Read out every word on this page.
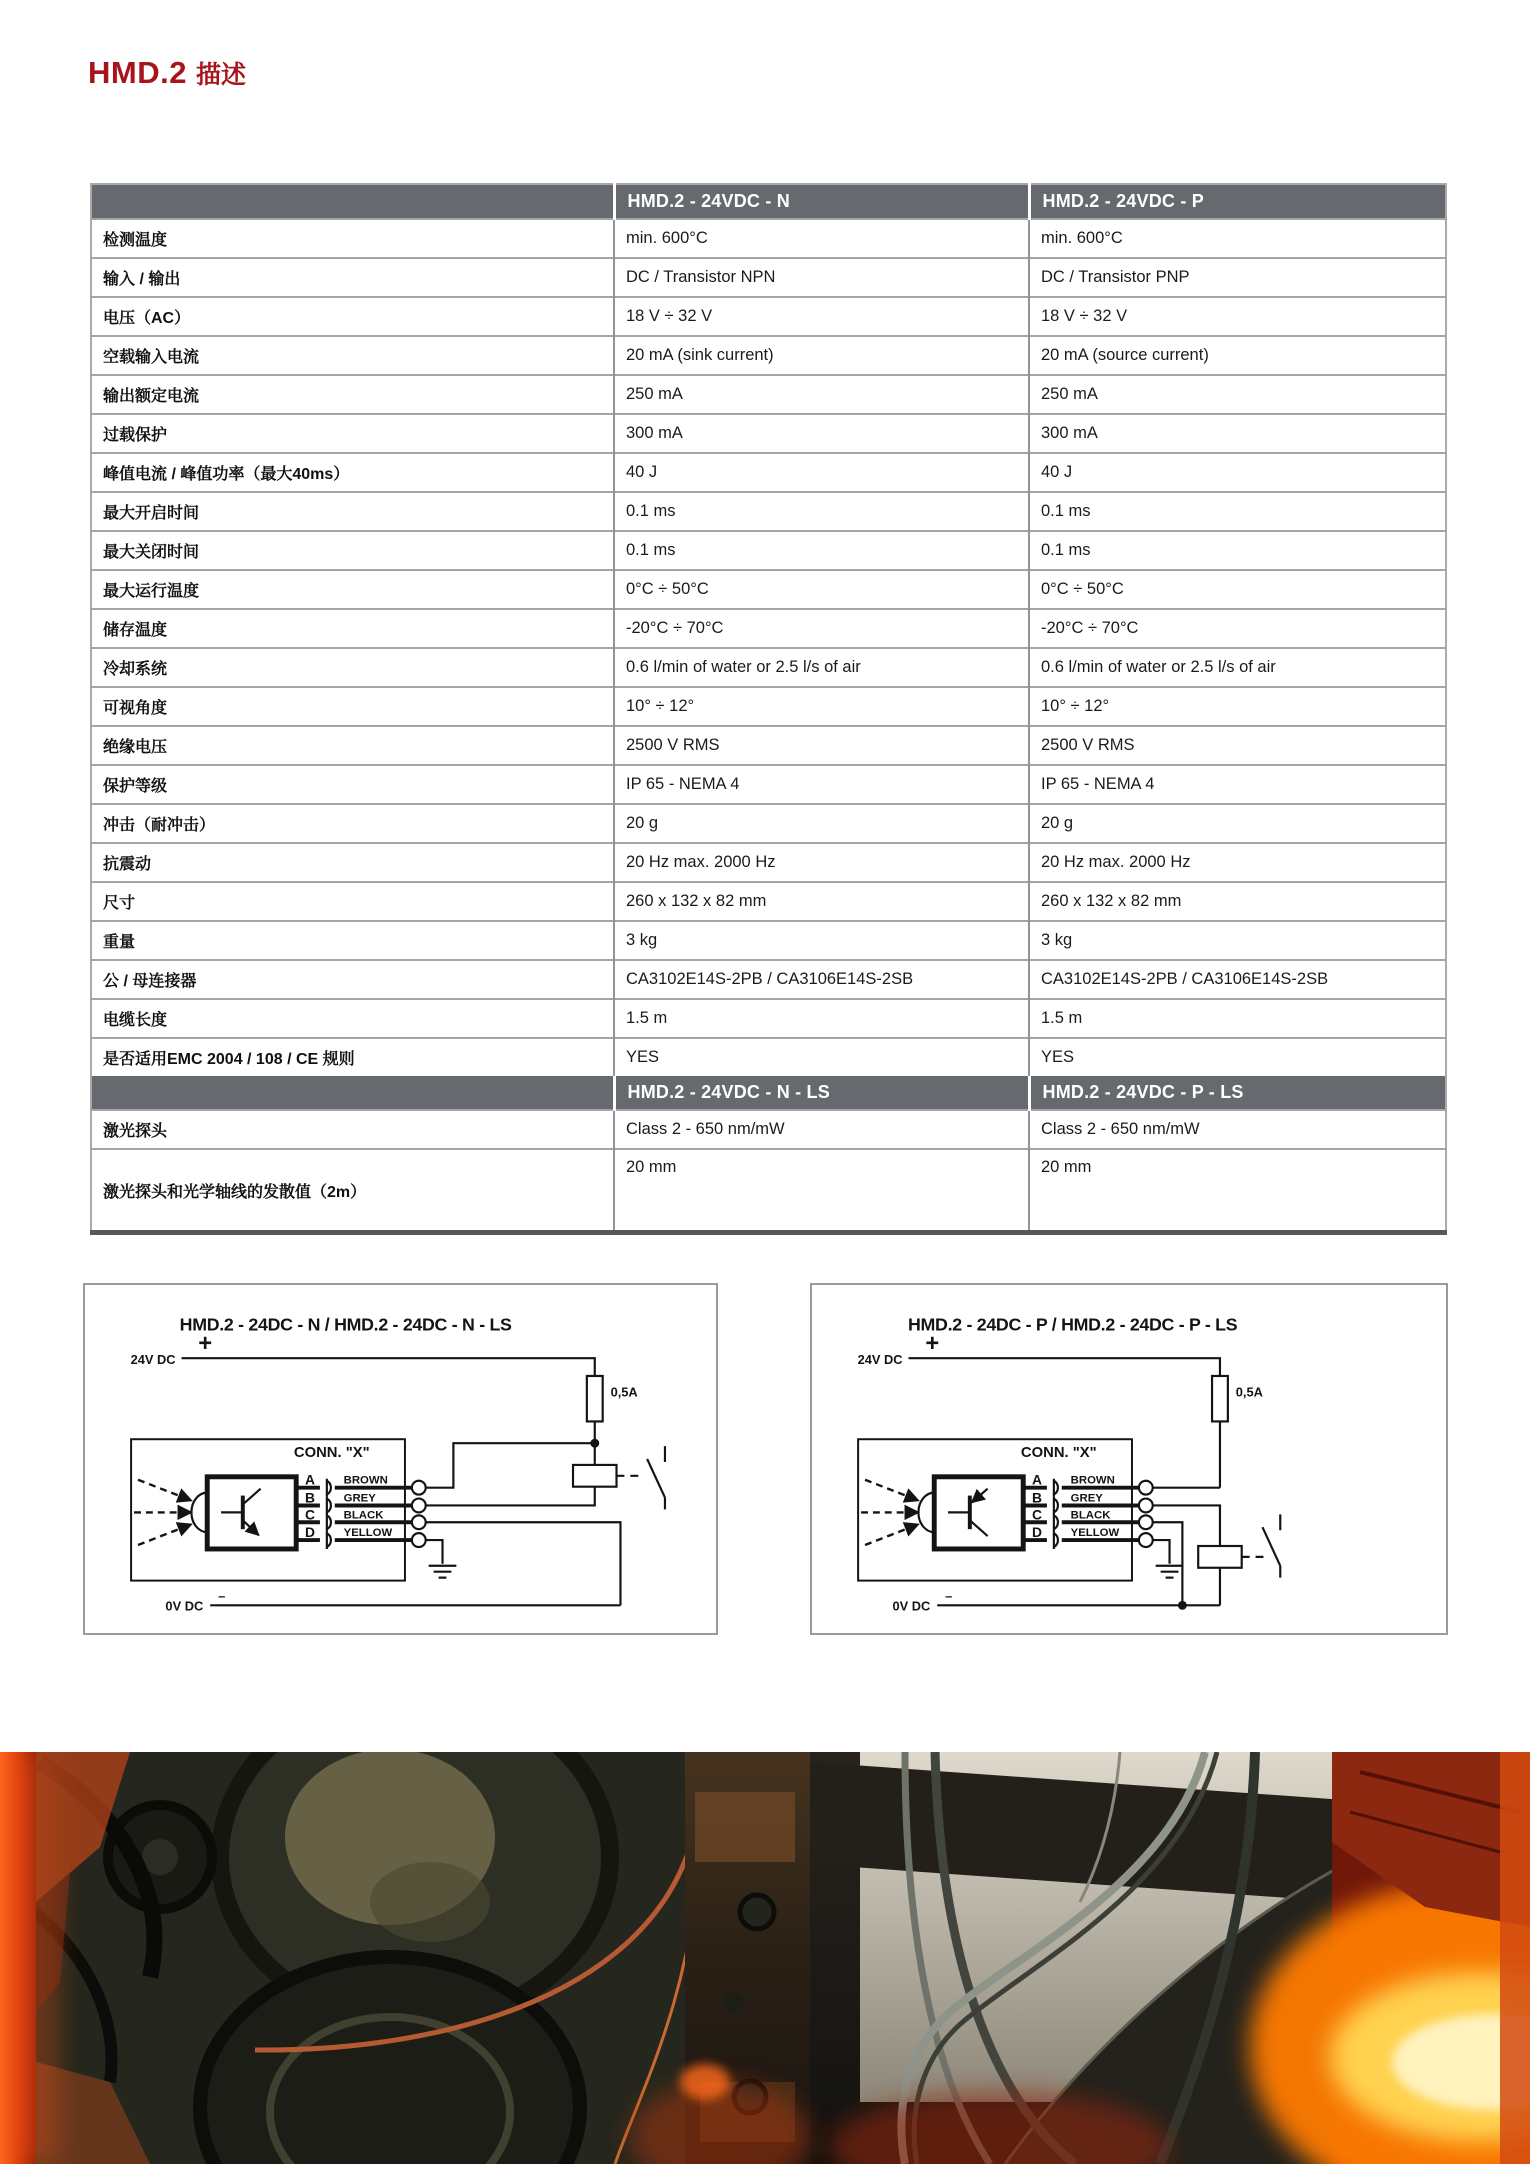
HMD.2 描述
	HMD.2 - 24VDC - N	HMD.2 - 24VDC - P
检测温度	min. 600°C	min. 600°C
输入 / 输出	DC / Transistor NPN	DC / Transistor PNP
电压（AC）	18 V ÷ 32 V	18 V ÷ 32 V
空载输入电流	20 mA (sink current)	20 mA (source current)
输出额定电流	250 mA	250 mA
过载保护	300 mA	300 mA
峰值电流 / 峰值功率（最大40ms）	40 J	40 J
最大开启时间	0.1 ms	0.1 ms
最大关闭时间	0.1 ms	0.1 ms
最大运行温度	0°C ÷ 50°C	0°C ÷ 50°C
储存温度	-20°C ÷ 70°C	-20°C ÷ 70°C
冷却系统	0.6 l/min of water or 2.5 l/s of air	0.6 l/min of water or 2.5 l/s of air
可视角度	10° ÷ 12°	10° ÷ 12°
绝缘电压	2500 V RMS	2500 V RMS
保护等级	IP 65 - NEMA 4	IP 65 - NEMA 4
冲击（耐冲击）	20 g	20 g
抗震动	20 Hz max. 2000 Hz	20 Hz max. 2000 Hz
尺寸	260 x 132 x 82 mm	260 x 132 x 82 mm
重量	3 kg	3 kg
公 / 母连接器	CA3102E14S-2PB / CA3106E14S-2SB	CA3102E14S-2PB / CA3106E14S-2SB
电缆长度	1.5 m	1.5 m
是否适用EMC 2004 / 108 / CE 规则	YES	YES
	HMD.2 - 24VDC - N - LS	HMD.2 - 24VDC - P - LS
激光探头	Class 2 - 650 nm/mW	Class 2 - 650 nm/mW
激光探头和光学轴线的发散值（2m）	20 mm	20 mm
HMD.2 - 24DC - N / HMD.2 - 24DC - N - LS
+
24V DC
0,5A
CONN. "X"
A
B
C
D
BROWN
GREY
BLACK
YELLOW
–
0V DC
HMD.2 - 24DC - P / HMD.2 - 24DC - P - LS
+
24V DC
0,5A
CONN. "X"
A
B
C
D
BROWN
GREY
BLACK
YELLOW
–
0V DC
